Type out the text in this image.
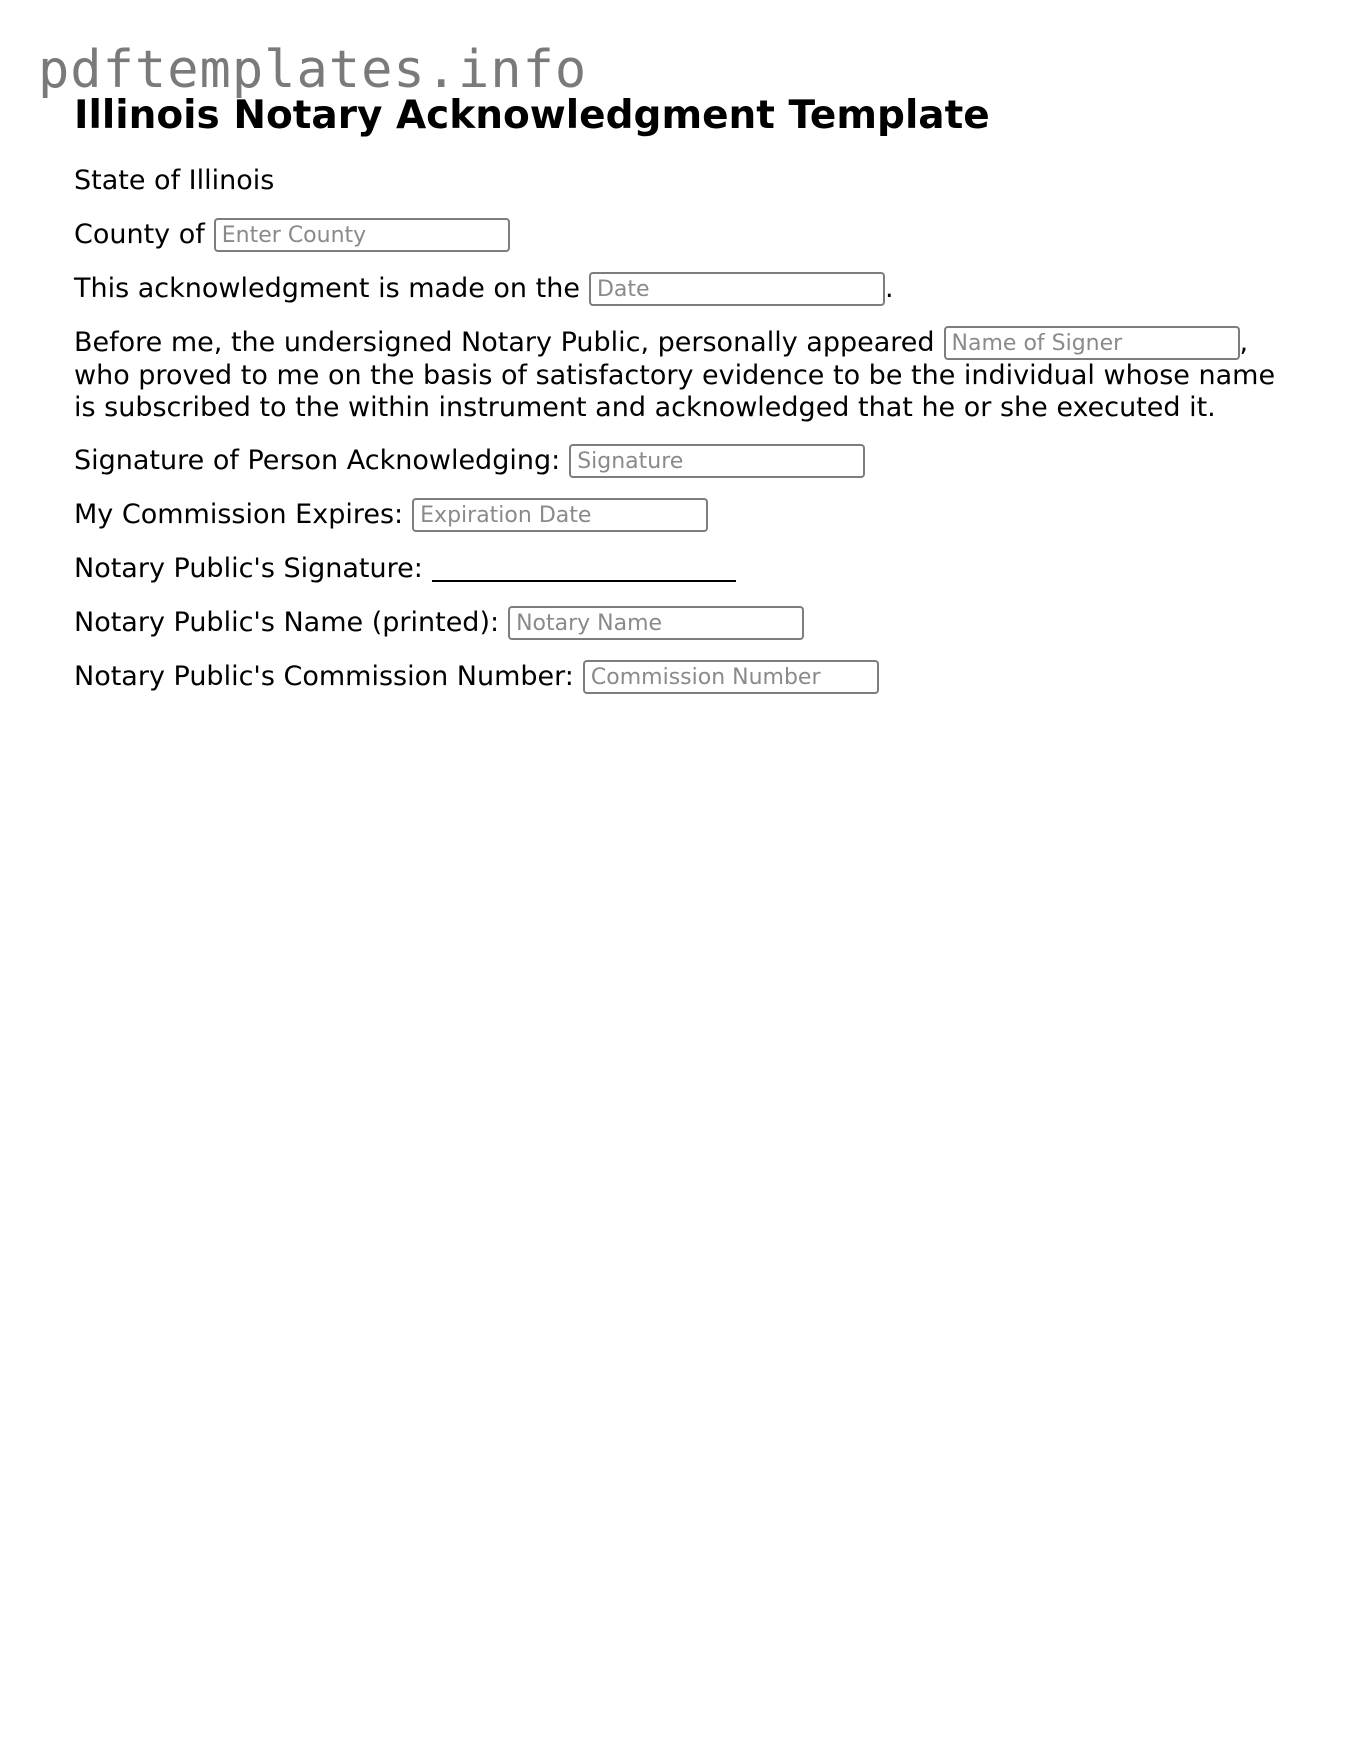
pdftemplates.info
Illinois Notary Acknowledgment Template
State of Illinois
County of
Enter County
This acknowledgment is made on the
Date	.
Before me, the undersigned Notary Public, personally appeared
Name of Signer	,
who proved to me on the basis of satisfactory evidence to be the individual whose name is subscribed to the within instrument and acknowledged that he or she executed it.
Signature of Person Acknowledging:
Signature
My Commission Expires:
Expiration Date
Notary Public's Signature:
Notary Public's Name (printed):
Notary Name
Notary Public's Commission Number:
Commission Number
